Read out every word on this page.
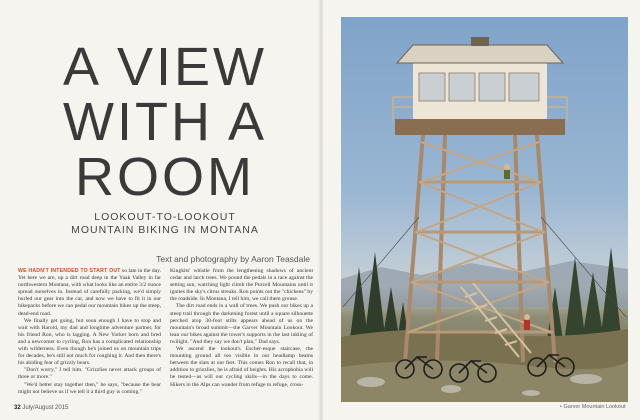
A VIEW
WITH A
ROOM
LOOKOUT-TO-LOOKOUT
MOUNTAIN BIKING IN MONTANA
Text and photography by Aaron Teasdale

WE HADN'T INTENDED TO START OUT so late in the day. Yet here we are, up a dirt road deep in the Yaak Valley in far northwestern Montana, with what looks like an entire 3/2 ounce spread ourselves in. Instead of carefully packing, we'd simply hurled our gear into the car, and now we have to fit it in our bikepacks before we can pedal our mountain bikes up the steep, dead-end road.

We finally get going, but soon enough I have to stop and wait with Harold, my dad and longtime adventure partner, for his friend Ron, who is lagging. A New Yorker born and bred and a newcomer to cycling, Ron has a complicated relationship with wilderness. Even though he's joined us on mountain trips for decades, he's still not much for roughing it. And then there's his abiding fear of grizzly bears.

"Don't worry," I tell him. "Grizzlies never attack groups of three or more."

"We'd better stay together then," he says, "because the bear might not believe us if we tell it a third guy is coming."

Kingkits' whistle from the lengthening shadows of ancient cedar and larch trees. We pound the pedals in a race against the setting sun, watching light climb the Purcell Mountains until it ignites the sky's citrus streaks. Ron points out the "chickens" by the roadside. In Montana, I tell him, we call them grouse.

The dirt road ends in a wall of trees. We push our bikes up a steep trail through the darkening forest until a square silhouette perched atop 30-foot stilts appears ahead of us on the mountain's broad summit—the Garver Mountain Lookout. We lean our bikes against the tower's supports in the last inkling of twilight. "And they say we don't plan," Dad says.

We ascend the lookout's Escher-esque staircase, the mounting ground all too visible in our headlamp beams between the slats at our feet. This comes Ron to recall that, in addition to grizzlies, he is afraid of heights. His acrophobia will be tested—as will our cycling skills—in the days to come. Hikers in the Alps can wander from refuge to refuge, cross-

32 July/August 2015	• Garver Mountain Lookout
